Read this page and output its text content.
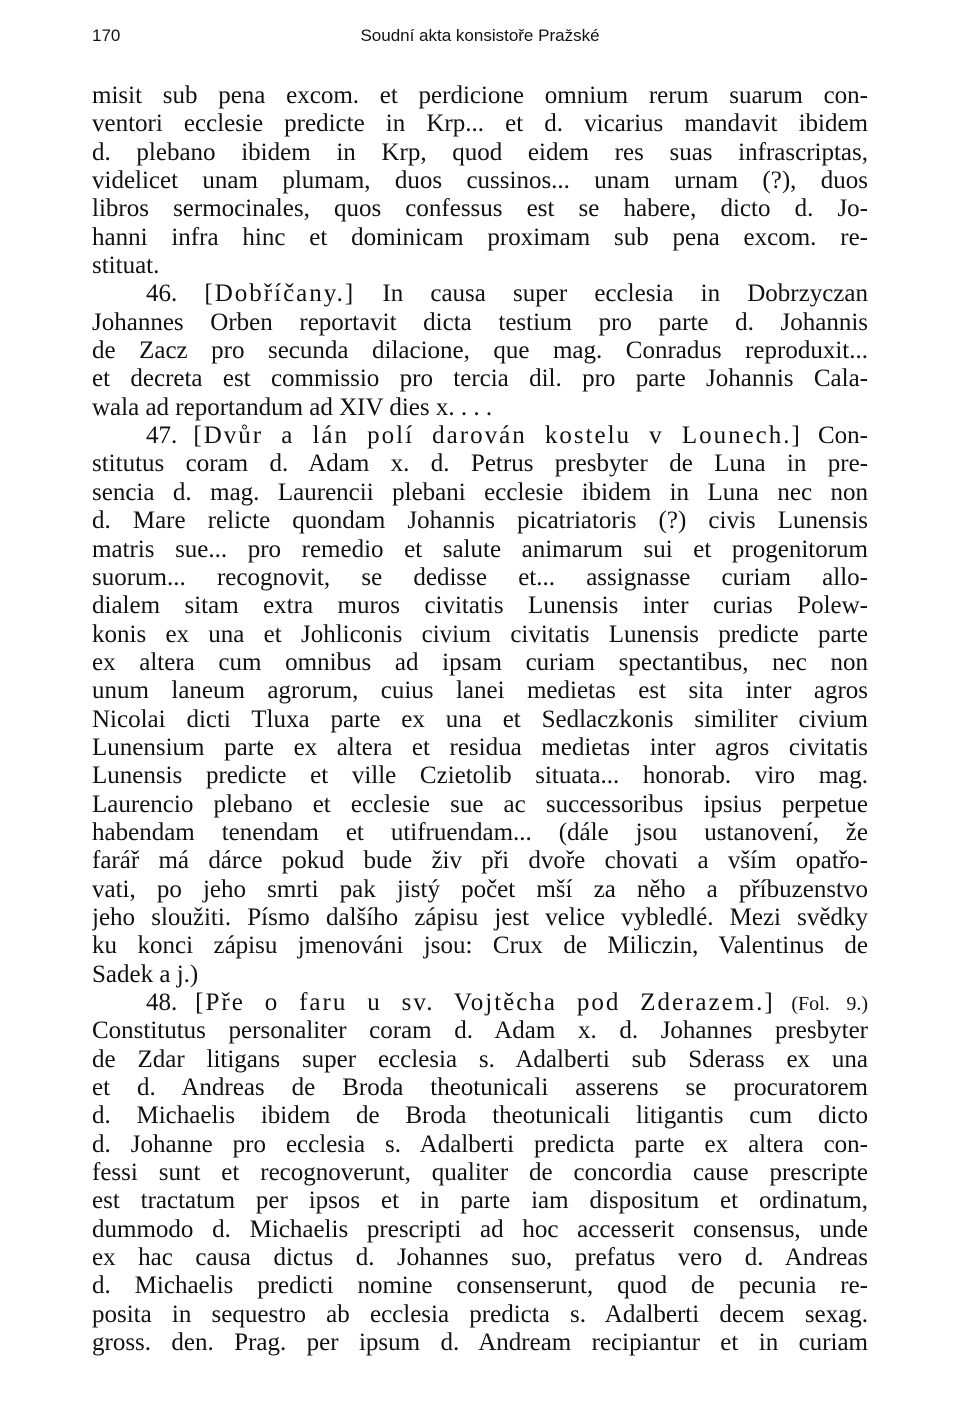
170	Soudní akta konsistoře Pražské
misit sub pena excom. et perdicione omnium rerum suarum con-
ventori ecclesie predicte in Krp... et d. vicarius mandavit ibidem
d. plebano ibidem in Krp, quod eidem res suas infrascriptas,
videlicet unam plumam, duos cussinos... unam urnam (?), duos
libros sermocinales, quos confessus est se habere, dicto d. Jo-
hanni infra hinc et dominicam proximam sub pena excom. re-
stituat.
46. [Dobříčany.] In causa super ecclesia in Dobrzyczan
Johannes Orben reportavit dicta testium pro parte d. Johannis
de Zacz pro secunda dilacione, que mag. Conradus reproduxit...
et decreta est commissio pro tercia dil. pro parte Johannis Cala-
wala ad reportandum ad XIV dies x. . . .
47. [Dvůr a lán polí darován kostelu v Lounech.] Con-
stitutus coram d. Adam x. d. Petrus presbyter de Luna in pre-
sencia d. mag. Laurencii plebani ecclesie ibidem in Luna nec non
d. Mare relicte quondam Johannis picatriatoris (?) civis Lunensis
matris sue... pro remedio et salute animarum sui et progenitorum
suorum... recognovit, se dedisse et... assignasse curiam allo-
dialem sitam extra muros civitatis Lunensis inter curias Polew-
konis ex una et Johliconis civium civitatis Lunensis predicte parte
ex altera cum omnibus ad ipsam curiam spectantibus, nec non
unum laneum agrorum, cuius lanei medietas est sita inter agros
Nicolai dicti Tluxa parte ex una et Sedlaczkonis similiter civium
Lunensium parte ex altera et residua medietas inter agros civitatis
Lunensis predicte et ville Czietolib situata... honorab. viro mag.
Laurencio plebano et ecclesie sue ac successoribus ipsius perpetue
habendam tenendam et utifruendam... (dále jsou ustanovení, že
farář má dárce pokud bude živ při dvoře chovati a vším opatřo-
vati, po jeho smrti pak jistý počet mší za něho a příbuzenstvo
jeho sloužiti. Písmo dalšího zápisu jest velice vybledlé. Mezi svědky
ku konci zápisu jmenováni jsou: Crux de Miliczin, Valentinus de
Sadek a j.)
48. [Pře o faru u sv. Vojtěcha pod Zderazem.] (Fol. 9.)
Constitutus personaliter coram d. Adam x. d. Johannes presbyter
de Zdar litigans super ecclesia s. Adalberti sub Sderass ex una
et d. Andreas de Broda theotunicali asserens se procuratorem
d. Michaelis ibidem de Broda theotunicali litigantis cum dicto
d. Johanne pro ecclesia s. Adalberti predicta parte ex altera con-
fessi sunt et recognoverunt, qualiter de concordia cause prescripte
est tractatum per ipsos et in parte iam dispositum et ordinatum,
dummodo d. Michaelis prescripti ad hoc accesserit consensus, unde
ex hac causa dictus d. Johannes suo, prefatus vero d. Andreas
d. Michaelis predicti nomine consenserunt, quod de pecunia re-
posita in sequestro ab ecclesia predicta s. Adalberti decem sexag.
gross. den. Prag. per ipsum d. Andream recipiantur et in curiam
